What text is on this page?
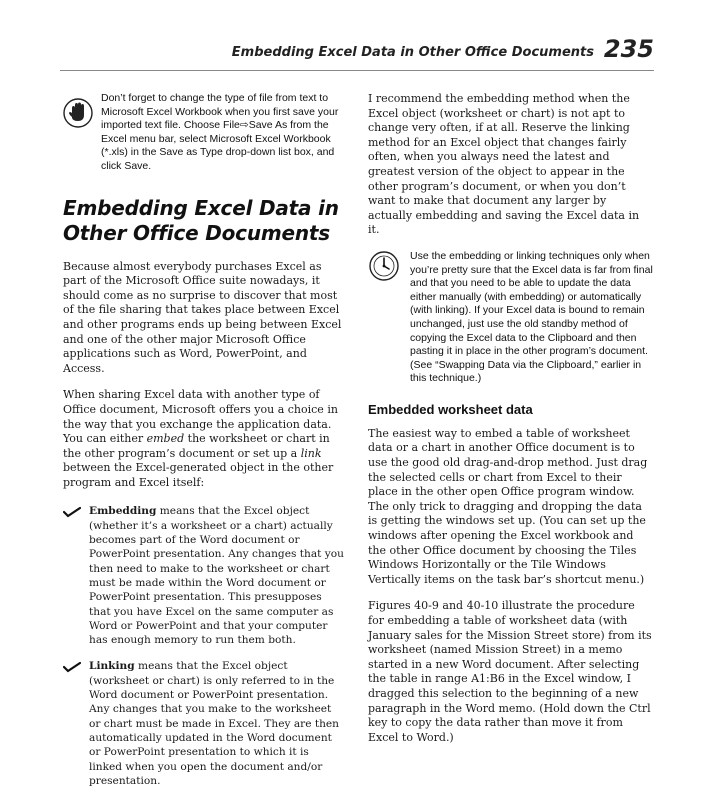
Embedding Excel Data in Other Office Documents 235
Don’t forget to change the type of file from text to Microsoft Excel Workbook when you first save your imported text file. Choose File⇨Save As from the Excel menu bar, select Microsoft Excel Workbook (*.xls) in the Save as Type drop-down list box, and click Save.
Embedding Excel Data in
Other Office Documents

Because almost everybody purchases Excel as part of the Microsoft Office suite nowadays, it should come as no surprise to discover that most of the file sharing that takes place between Excel and other programs ends up being between Excel and one of the other major Microsoft Office applications such as Word, PowerPoint, and Access.

When sharing Excel data with another type of Office document, Microsoft offers you a choice in the way that you exchange the application data. You can either embed the worksheet or chart in the other program’s document or set up a link between the Excel-generated object in the other program and Excel itself:

Embedding means that the Excel object (whether it’s a worksheet or a chart) actually becomes part of the Word document or PowerPoint presentation. Any changes that you then need to make to the worksheet or chart must be made within the Word document or PowerPoint presentation. This presupposes that you have Excel on the same computer as Word or PowerPoint and that your computer has enough memory to run them both.
Linking means that the Excel object (worksheet or chart) is only referred to in the Word document or PowerPoint presentation. Any changes that you make to the worksheet or chart must be made in Excel. They are then automatically updated in the Word document or PowerPoint presentation to which it is linked when you open the document and/or presentation.

I recommend the embedding method when the Excel object (worksheet or chart) is not apt to change very often, if at all. Reserve the linking method for an Excel object that changes fairly often, when you always need the latest and greatest version of the object to appear in the other program’s document, or when you don’t want to make that document any larger by actually embedding and saving the Excel data in it.

Use the embedding or linking techniques only when you’re pretty sure that the Excel data is far from final and that you need to be able to update the data either manually (with embedding) or automatically (with linking). If your Excel data is bound to remain unchanged, just use the old standby method of copying the Excel data to the Clipboard and then pasting it in place in the other program’s document. (See “Swapping Data via the Clipboard,” earlier in this technique.)
Embedded worksheet data

The easiest way to embed a table of worksheet data or a chart in another Office document is to use the good old drag-and-drop method. Just drag the selected cells or chart from Excel to their place in the other open Office program window. The only trick to dragging and dropping the data is getting the windows set up. (You can set up the windows after opening the Excel workbook and the other Office document by choosing the Tiles Windows Horizontally or the Tile Windows Vertically items on the task bar’s shortcut menu.)

Figures 40-9 and 40-10 illustrate the procedure for embedding a table of worksheet data (with January sales for the Mission Street store) from its worksheet (named Mission Street) in a memo started in a new Word document. After selecting the table in range A1:B6 in the Excel window, I dragged this selection to the beginning of a new paragraph in the Word memo. (Hold down the Ctrl key to copy the data rather than move it from Excel to Word.)
